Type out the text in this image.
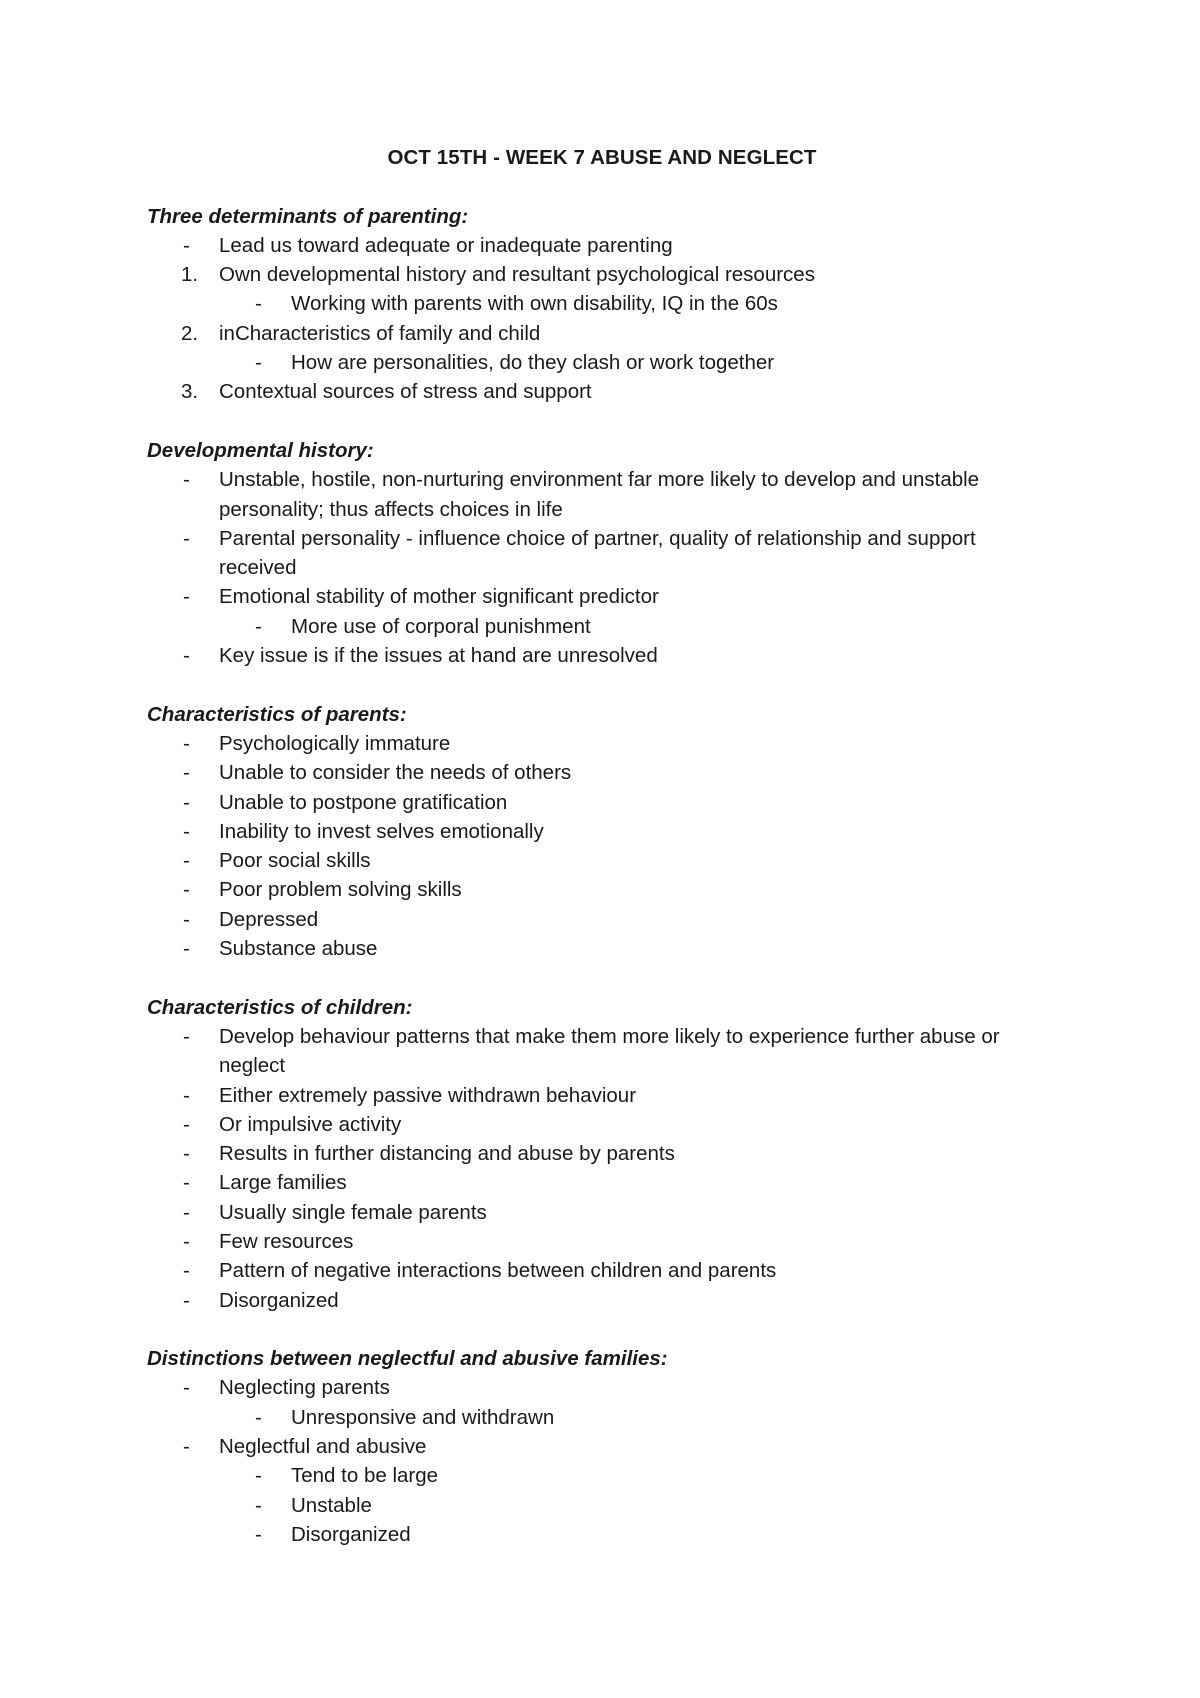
OCT 15TH - WEEK 7 ABUSE AND NEGLECT
Three determinants of parenting:
- Lead us toward adequate or inadequate parenting
1. Own developmental history and resultant psychological resources
- Working with parents with own disability, IQ in the 60s
2. inCharacteristics of family and child
- How are personalities, do they clash or work together
3. Contextual sources of stress and support
Developmental history:
- Unstable, hostile, non-nurturing environment far more likely to develop and unstable personality; thus affects choices in life
- Parental personality - influence choice of partner, quality of relationship and support received
- Emotional stability of mother significant predictor
- More use of corporal punishment
- Key issue is if the issues at hand are unresolved
Characteristics of parents:
- Psychologically immature
- Unable to consider the needs of others
- Unable to postpone gratification
- Inability to invest selves emotionally
- Poor social skills
- Poor problem solving skills
- Depressed
- Substance abuse
Characteristics of children:
- Develop behaviour patterns that make them more likely to experience further abuse or neglect
- Either extremely passive withdrawn behaviour
- Or impulsive activity
- Results in further distancing and abuse by parents
- Large families
- Usually single female parents
- Few resources
- Pattern of negative interactions between children and parents
- Disorganized
Distinctions between neglectful and abusive families:
- Neglecting parents
- Unresponsive and withdrawn
- Neglectful and abusive
- Tend to be large
- Unstable
- Disorganized
